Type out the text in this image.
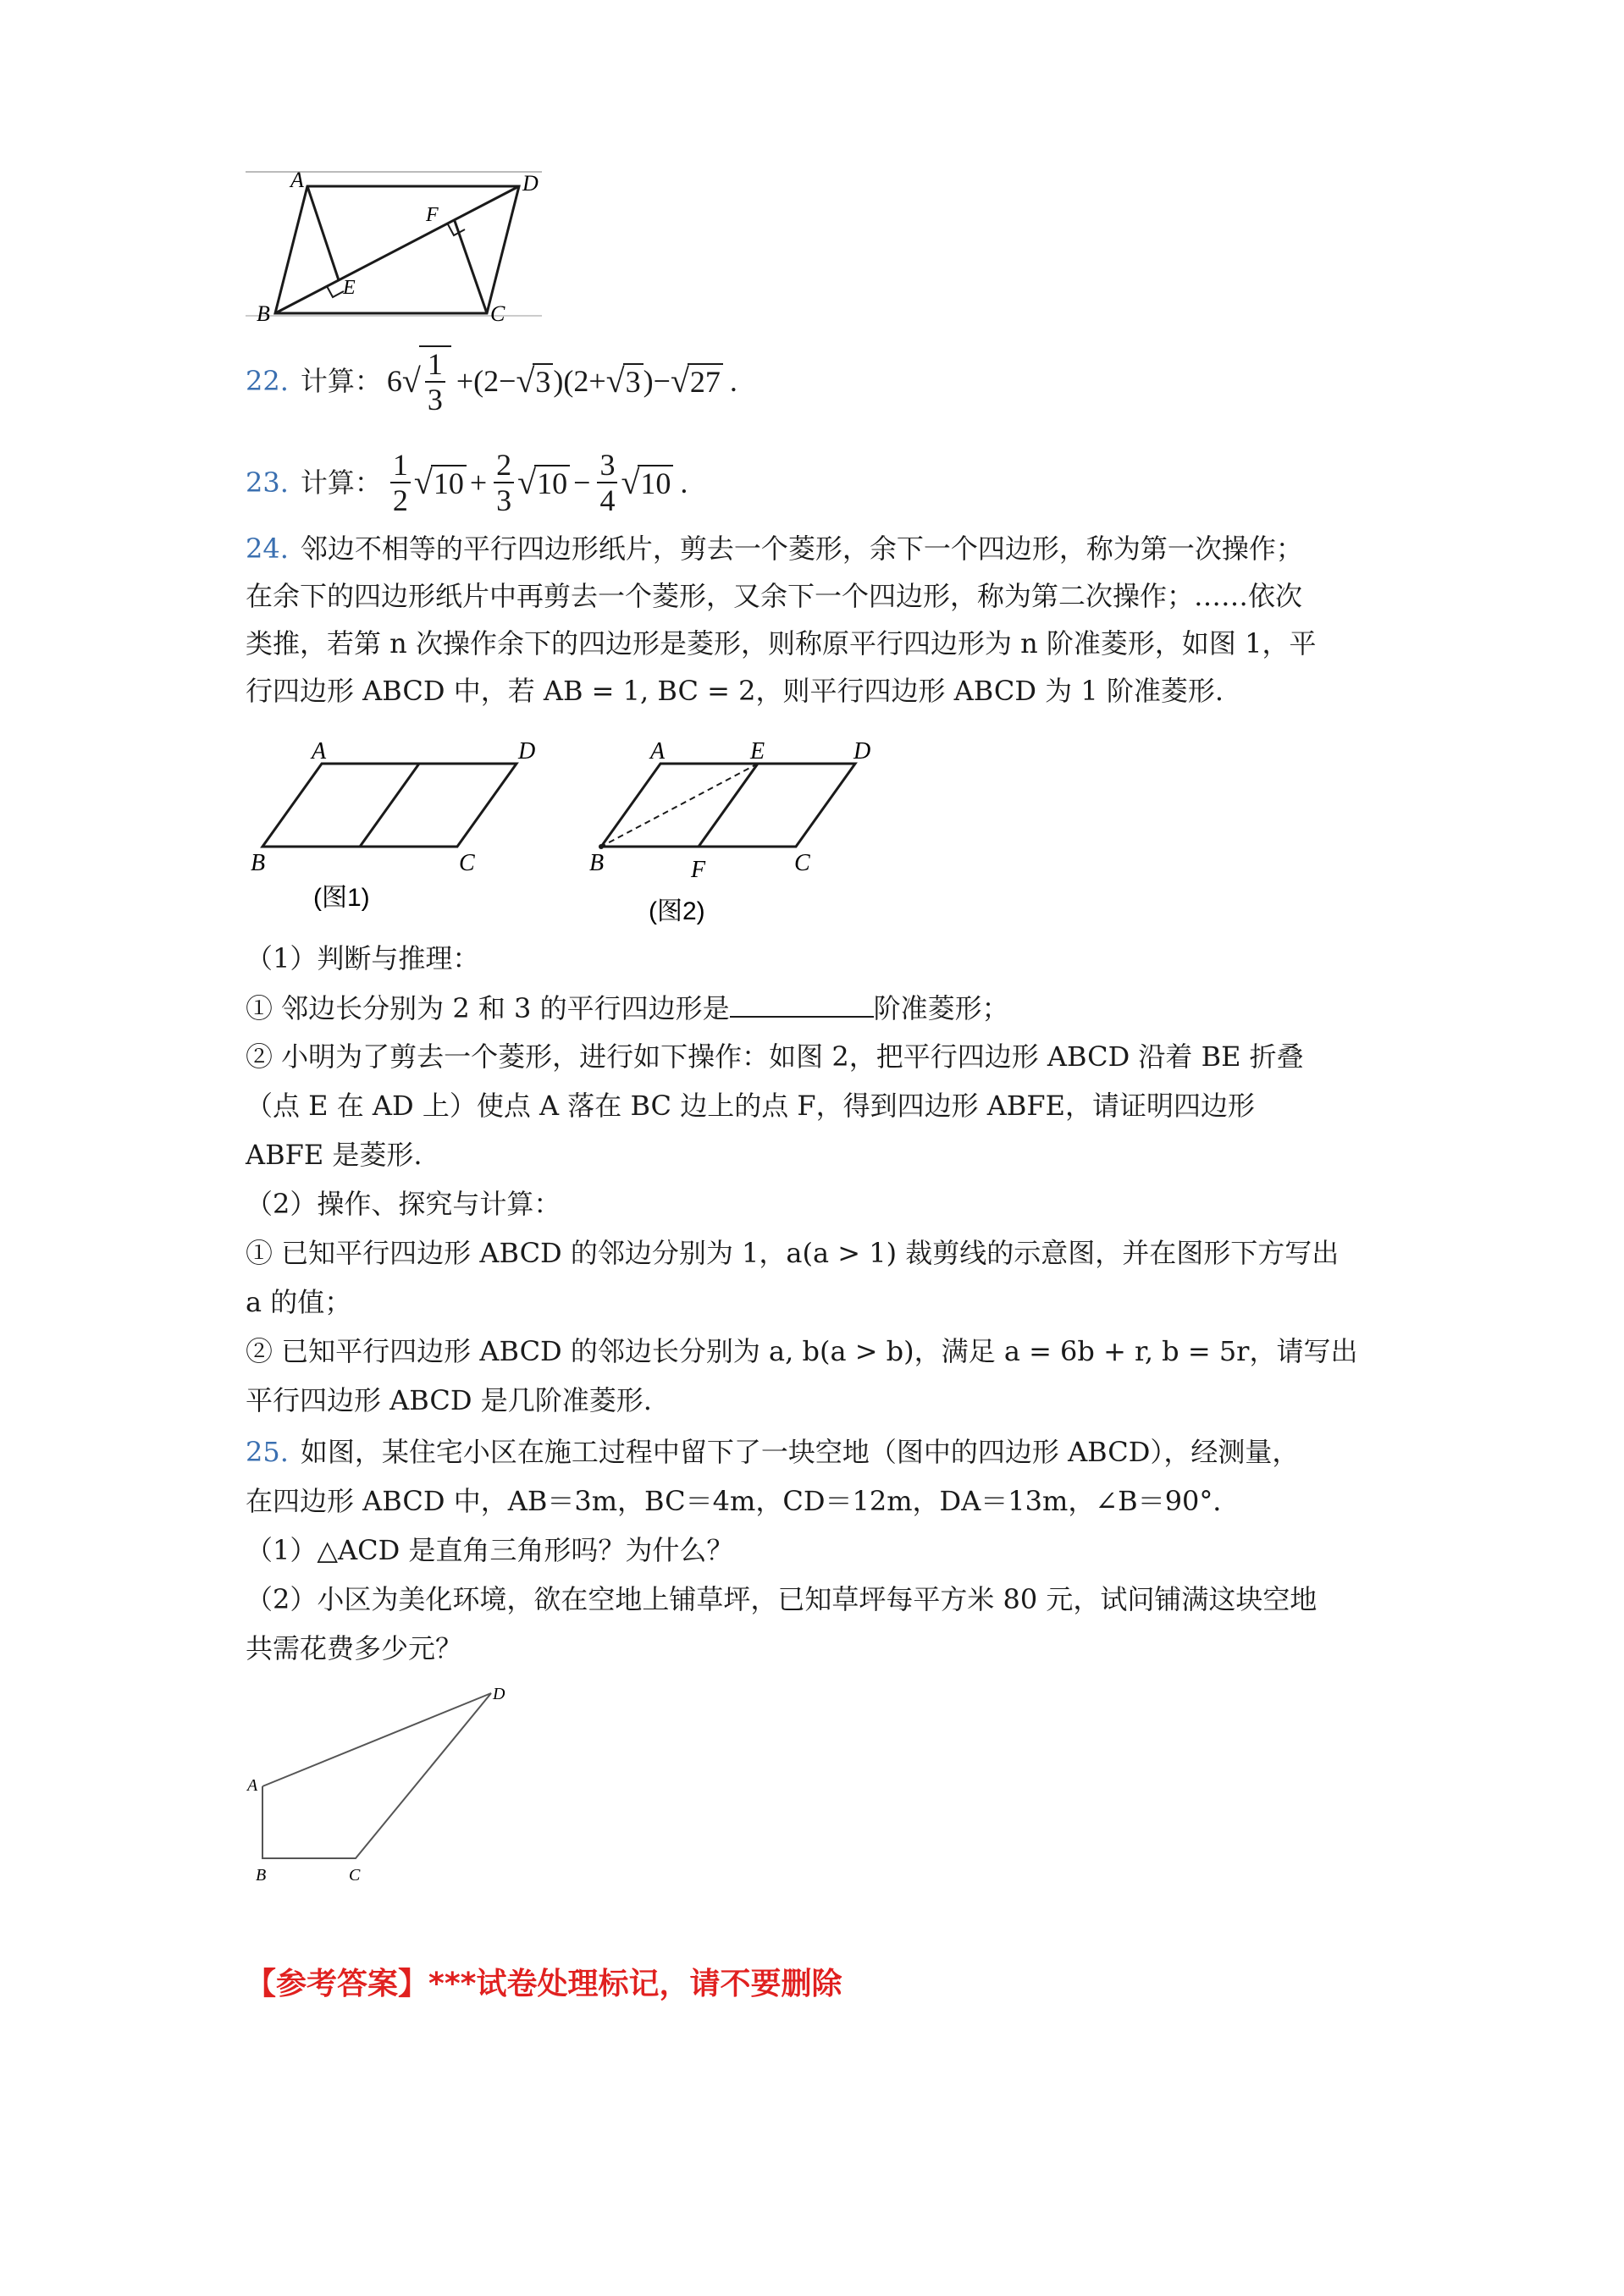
A	D
B	C
E
F
22. 计算： 6 √ $\frac{1}{3} +(2-$ √ 3 )(2+ √ 3 )− √ 27 .
23. 计算： $\frac{1}{2}$ √ $10 + \frac{2}{3}$ √ $10 - \frac{3}{4}$ √ 10 .
24. 邻边不相等的平行四边形纸片，剪去一个菱形，余下一个四边形，称为第一次操作；
在余下的四边形纸片中再剪去一个菱形，又余下一个四边形，称为第二次操作；……依次
类推，若第 n 次操作余下的四边形是菱形，则称原平行四边形为 n 阶准菱形，如图 1，平
行四边形 ABCD 中，若 AB = 1, BC = 2，则平行四边形 ABCD 为 1 阶准菱形.
A	D
B	C
(图1)
A	E	D
B	F	C
(图2)
（1）判断与推理：
① 邻边长分别为 2 和 3 的平行四边形是	阶准菱形；
② 小明为了剪去一个菱形，进行如下操作：如图 2，把平行四边形 ABCD 沿着 BE 折叠
（点 E 在 AD 上）使点 A 落在 BC 边上的点 F，得到四边形 ABFE，请证明四边形
ABFE 是菱形.
（2）操作、探究与计算：
① 已知平行四边形 ABCD 的邻边分别为 1，a(a > 1) 裁剪线的示意图，并在图形下方写出
a 的值；
② 已知平行四边形 ABCD 的邻边长分别为 a, b(a > b)，满足 a = 6b + r, b = 5r，请写出
平行四边形 ABCD 是几阶准菱形.
25. 如图，某住宅小区在施工过程中留下了一块空地（图中的四边形 ABCD），经测量，
在四边形 ABCD 中，AB＝3m，BC＝4m，CD＝12m，DA＝13m，∠B＝90°．
（1）△ACD 是直角三角形吗？为什么？
（2）小区为美化环境，欲在空地上铺草坪，已知草坪每平方米 80 元，试问铺满这块空地
共需花费多少元？
A
B	C
D
【参考答案】***试卷处理标记，请不要删除
